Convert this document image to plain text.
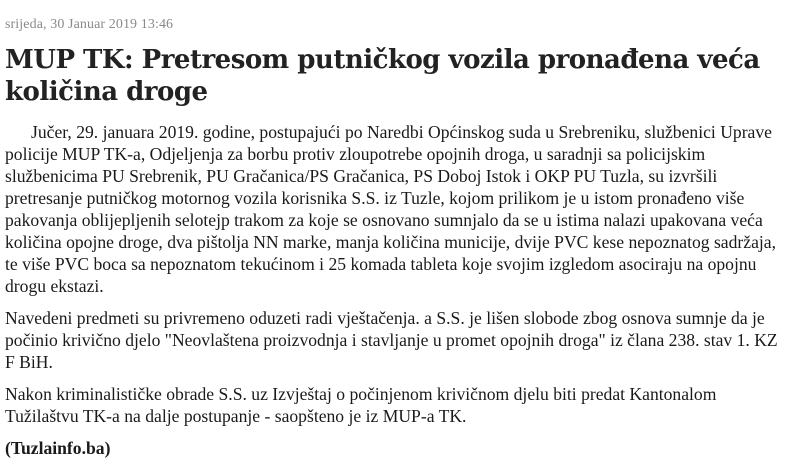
srijeda, 30 Januar 2019 13:46
MUP TK: Pretresom putničkog vozila pronađena veća količina droge

Jučer, 29. januara 2019. godine, postupajući po Naredbi Općinskog suda u Srebreniku, službenici Uprave policije MUP TK-a, Odjeljenja za borbu protiv zloupotrebe opojnih droga, u saradnji sa policijskim službenicima PU Srebrenik, PU Gračanica/PS Gračanica, PS Doboj Istok i OKP PU Tuzla, su izvršili pretresanje putničkog motornog vozila korisnika S.S. iz Tuzle, kojom prilikom je u istom pronađeno više pakovanja oblijepljenih selotejp trakom za koje se osnovano sumnjalo da se u istima nalazi upakovana veća količina opojne droge, dva pištolja NN marke, manja količina municije, dvije PVC kese nepoznatog sadržaja, te više PVC boca sa nepoznatom tekućinom i 25 komada tableta koje svojim izgledom asociraju na opojnu drogu ekstazi.

Navedeni predmeti su privremeno oduzeti radi vještačenja. a S.S. je lišen slobode zbog osnova sumnje da je počinio krivično djelo "Neovlaštena proizvodnja i stavljanje u promet opojnih droga" iz člana 238. stav 1. KZ F BiH.

Nakon kriminalističke obrade S.S. uz Izvještaj o počinjenom krivičnom djelu biti predat Kantonalom Tužilaštvu TK-a na dalje postupanje - saopšteno je iz MUP-a TK.

(Tuzlainfo.ba)
